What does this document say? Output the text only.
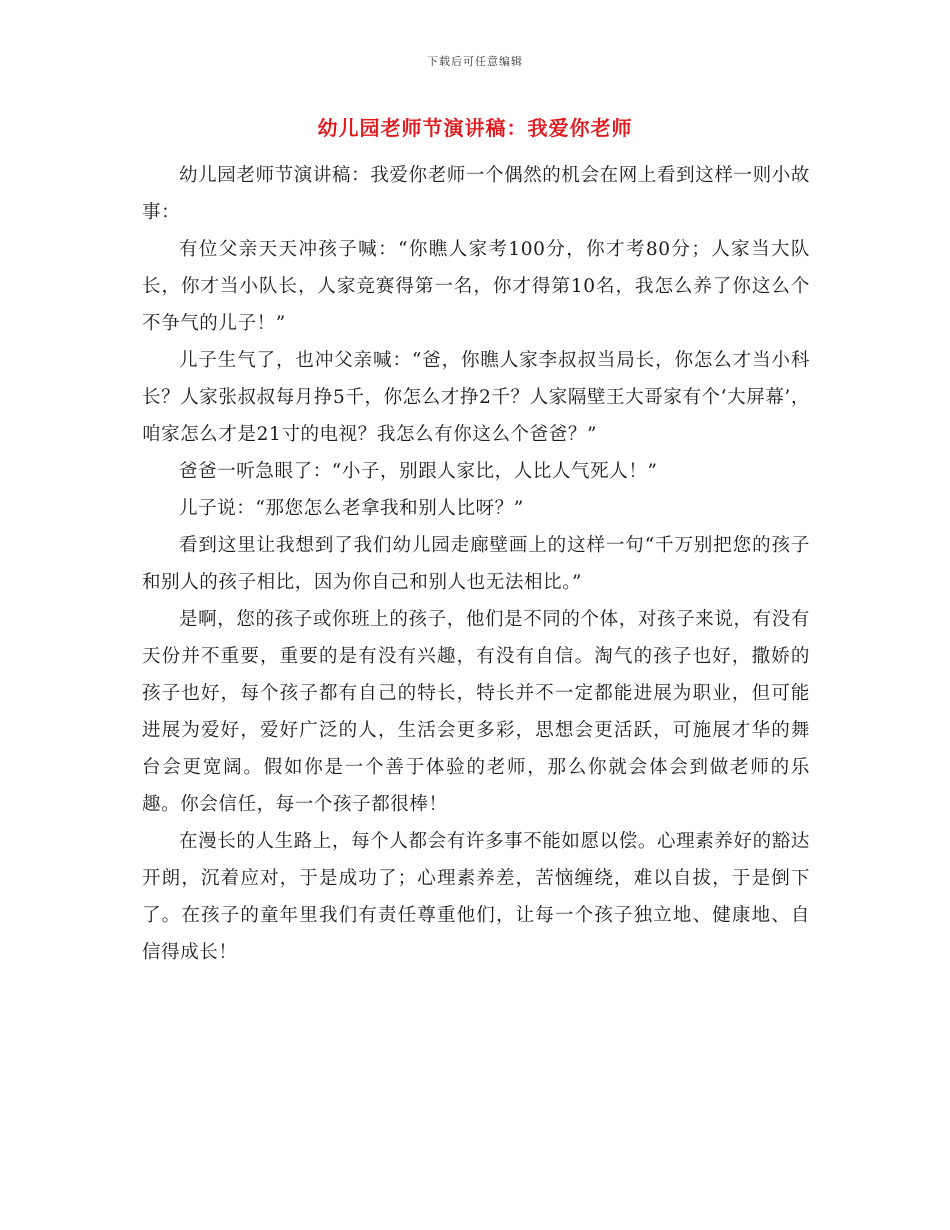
下载后可任意编辑
幼儿园老师节演讲稿：我爱你老师

幼儿园老师节演讲稿：我爱你老师一个偶然的机会在网上看到这样一则小故事：

有位父亲天天冲孩子喊：“你瞧人家考100分，你才考80分；人家当大队长，你才当小队长，人家竞赛得第一名，你才得第10名，我怎么养了你这么个不争气的儿子！”

儿子生气了，也冲父亲喊：“爸，你瞧人家李叔叔当局长，你怎么才当小科长？人家张叔叔每月挣5千，你怎么才挣2千？人家隔壁王大哥家有个‘大屏幕’，咱家怎么才是21寸的电视？我怎么有你这么个爸爸？”

爸爸一听急眼了：“小子，别跟人家比，人比人气死人！”

儿子说：“那您怎么老拿我和别人比呀？”

看到这里让我想到了我们幼儿园走廊壁画上的这样一句“千万别把您的孩子和别人的孩子相比，因为你自己和别人也无法相比。”

是啊，您的孩子或你班上的孩子，他们是不同的个体，对孩子来说，有没有天份并不重要，重要的是有没有兴趣，有没有自信。淘气的孩子也好，撒娇的孩子也好，每个孩子都有自己的特长，特长并不一定都能进展为职业，但可能进展为爱好，爱好广泛的人，生活会更多彩，思想会更活跃，可施展才华的舞台会更宽阔。假如你是一个善于体验的老师，那么你就会体会到做老师的乐趣。你会信任，每一个孩子都很棒！

在漫长的人生路上，每个人都会有许多事不能如愿以偿。心理素养好的豁达开朗，沉着应对，于是成功了；心理素养差，苦恼缠绕，难以自拔，于是倒下了。在孩子的童年里我们有责任尊重他们，让每一个孩子独立地、健康地、自信得成长！
